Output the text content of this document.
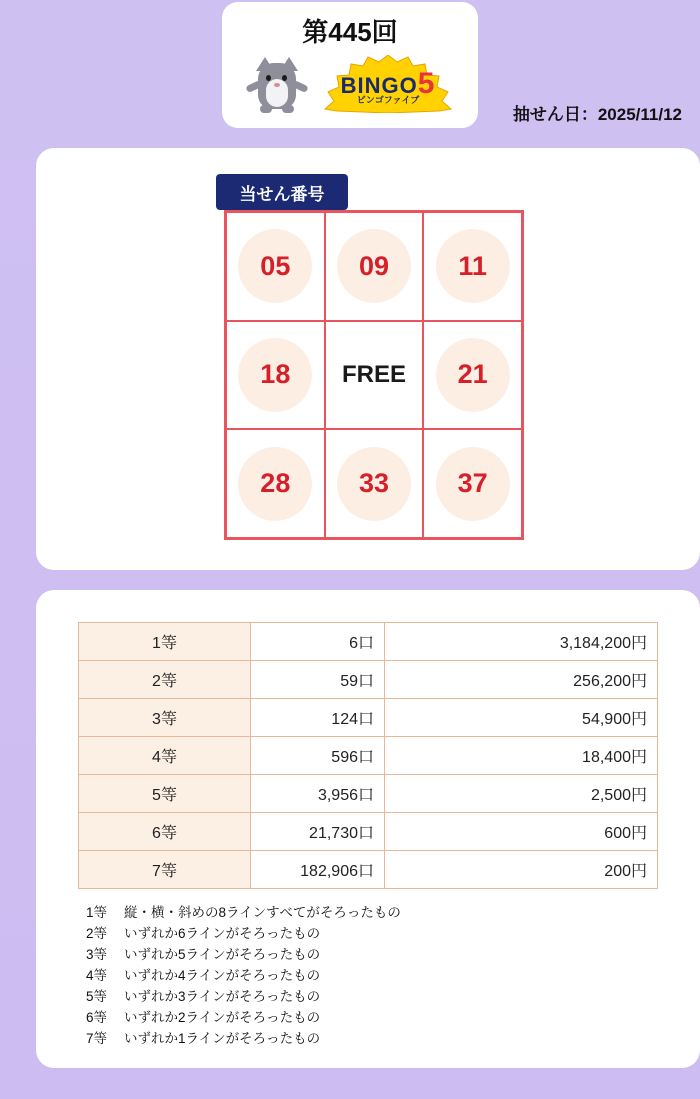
第445回
BINGO5
ビンゴファイブ
抽せん日：2025/11/12
当せん番号
05	09	11
18	FREE	21
28	33	37
1等	6口	3,184,200円
2等	59口	256,200円
3等	124口	54,900円
4等	596口	18,400円
5等	3,956口	2,500円
6等	21,730口	600円
7等	182,906口	200円
1等	縦・横・斜めの8ラインすべてがそろったもの
2等	いずれか6ラインがそろったもの
3等	いずれか5ラインがそろったもの
4等	いずれか4ラインがそろったもの
5等	いずれか3ラインがそろったもの
6等	いずれか2ラインがそろったもの
7等	いずれか1ラインがそろったもの
